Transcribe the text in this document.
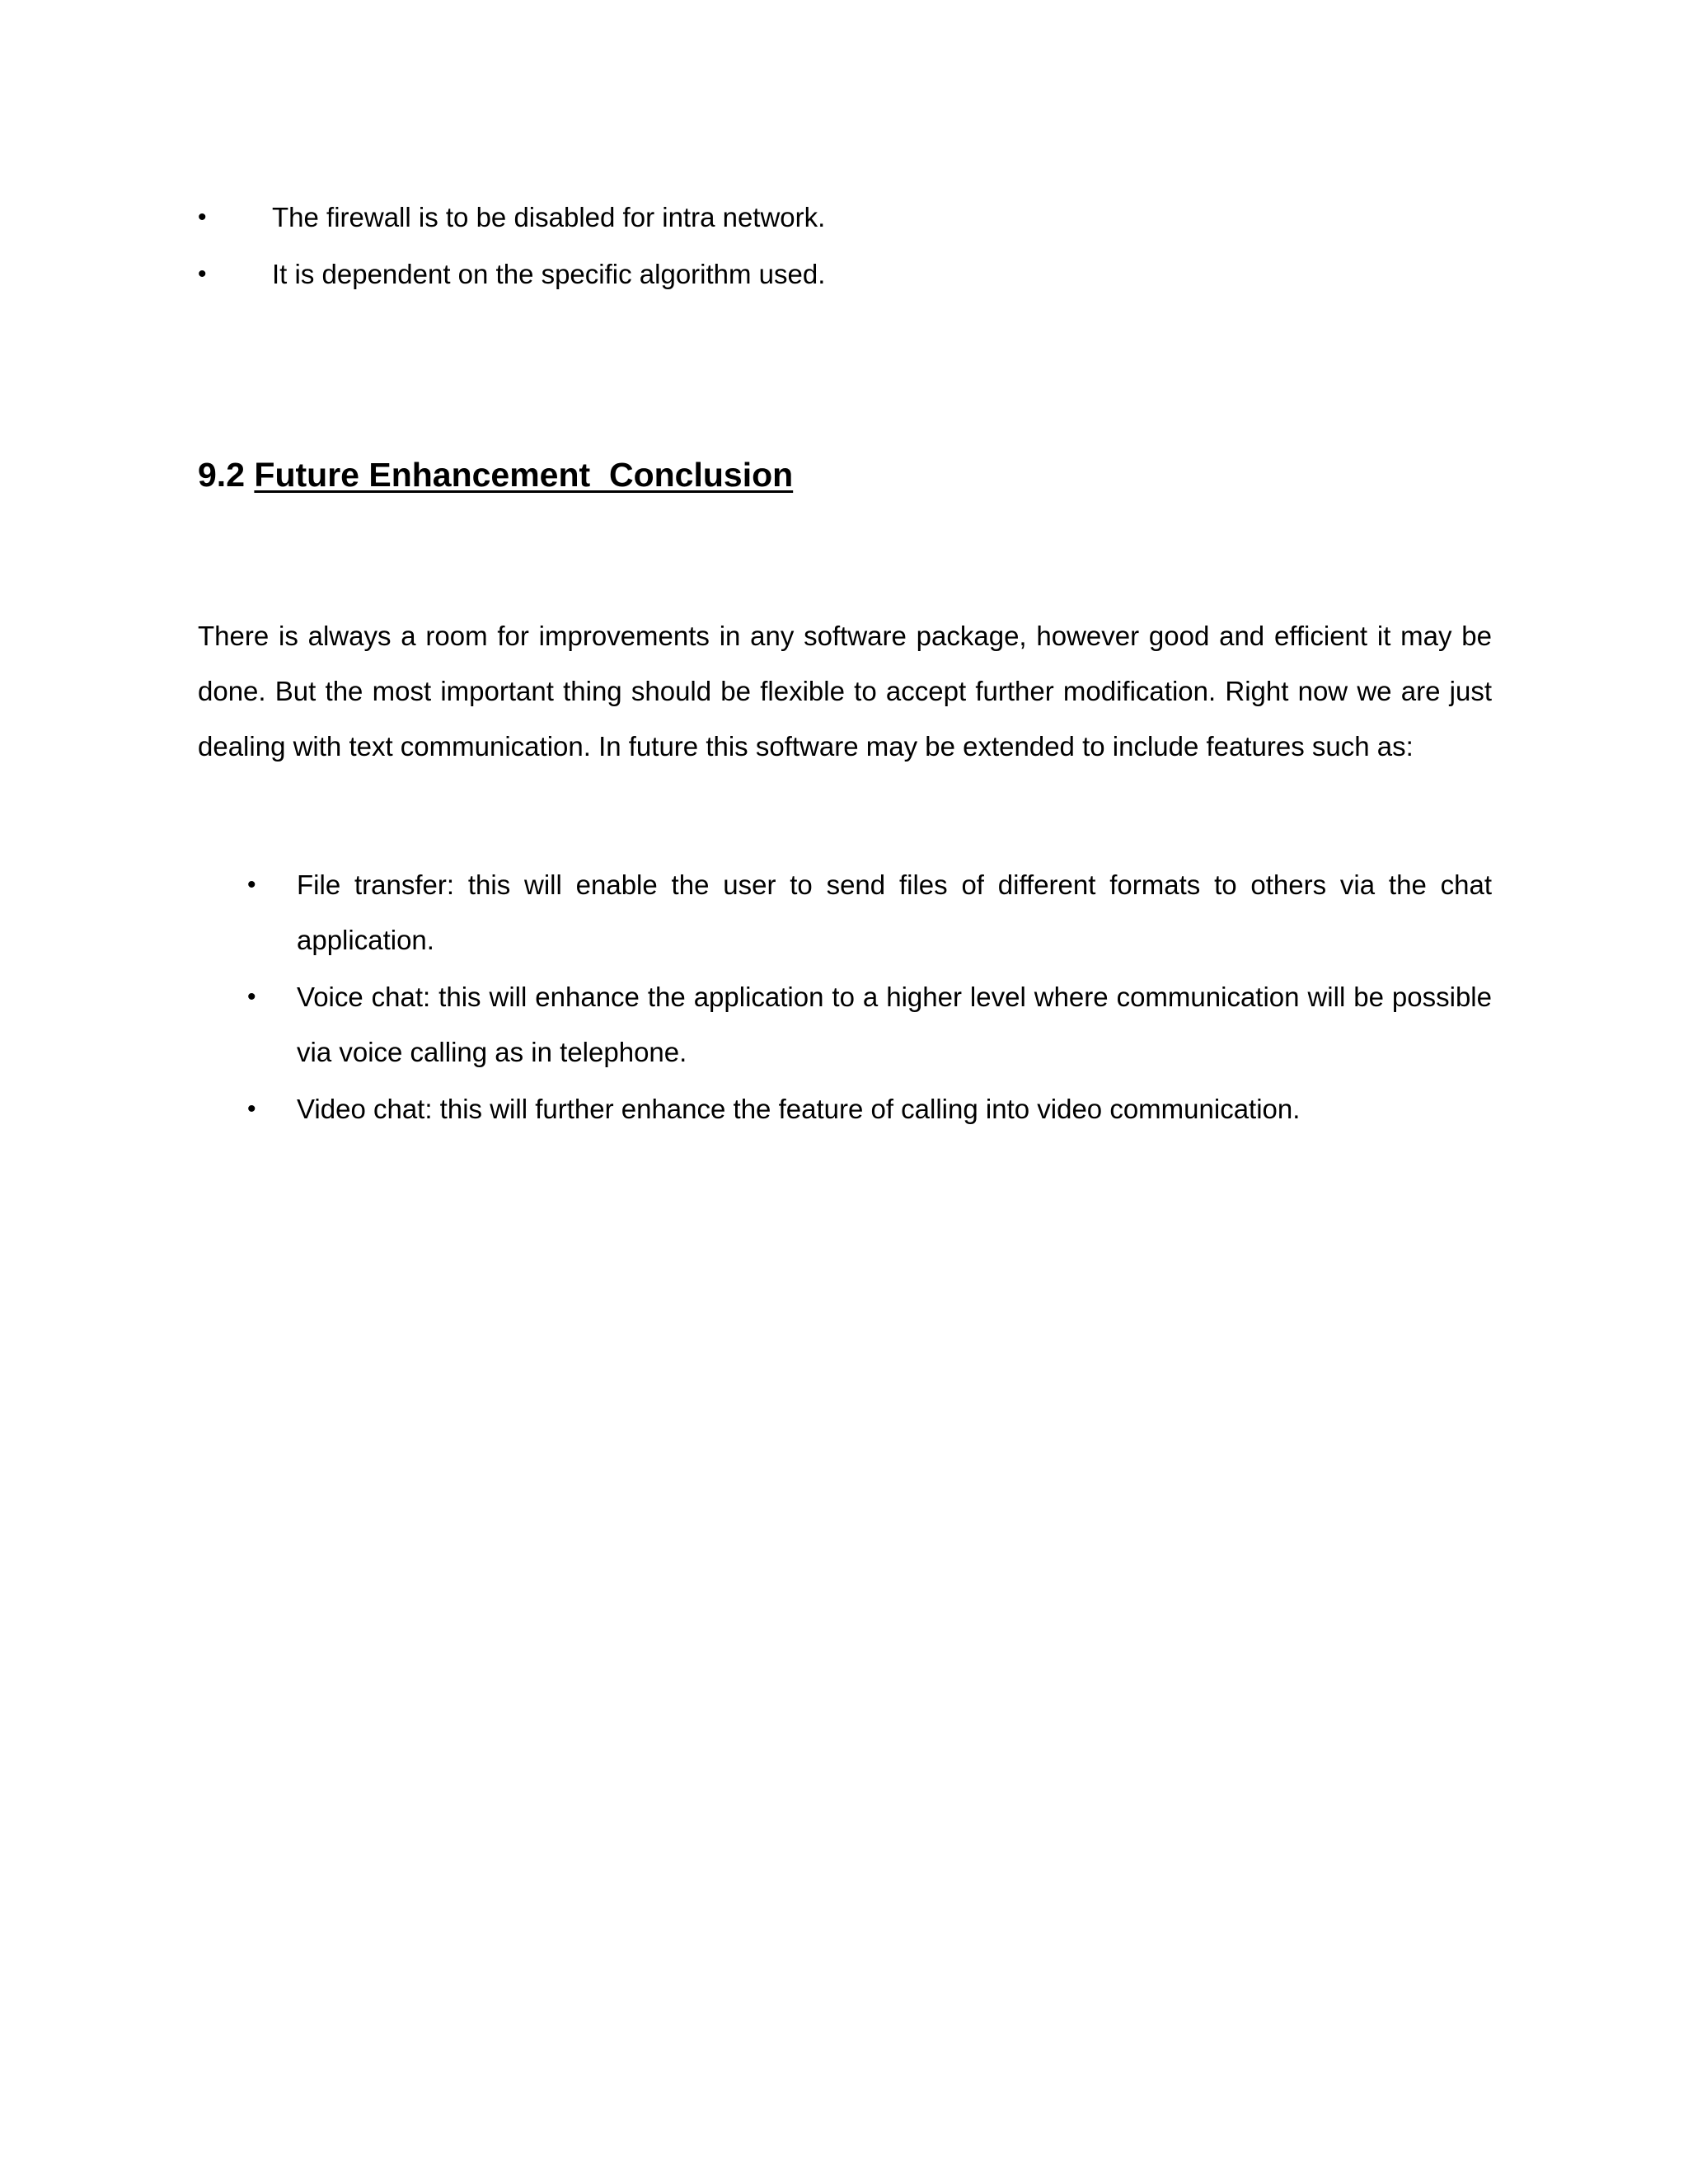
•	The firewall is to be disabled for intra network.
•	It is dependent on the specific algorithm used.
9.2 Future Enhancement  Conclusion

There is always a room for improvements in any software package, however good and efficient it may be done. But the most important thing should be flexible to accept further modification. Right now we are just dealing with text communication. In future this software may be extended to include features such as:

•	File transfer: this will enable the user to send files of different formats to others via the chat application.
•	Voice chat: this will enhance the application to a higher level where communication will be possible via voice calling as in telephone.
•	Video chat: this will further enhance the feature of calling into video communication.
